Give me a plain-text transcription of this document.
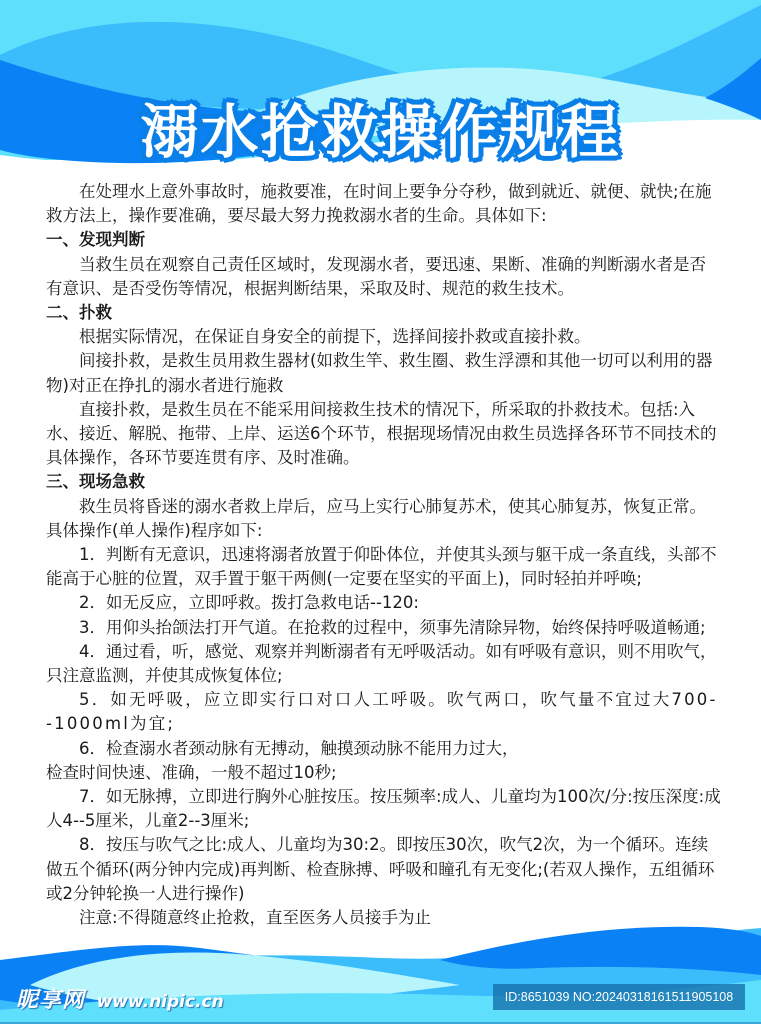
溺水抢救操作规程

在处理水上意外事故时，施救要准，在时间上要争分夺秒，做到就近、就便、就快;在施救方法上，操作要准确，要尽最大努力挽救溺水者的生命。具体如下:

一、发现判断

当救生员在观察自己责任区域时，发现溺水者，要迅速、果断、准确的判断溺水者是否有意识、是否受伤等情况，根据判断结果，采取及时、规范的救生技术。

二、扑救

根据实际情况，在保证自身安全的前提下，选择间接扑救或直接扑救。

间接扑救，是救生员用救生器材(如救生竿、救生圈、救生浮漂和其他一切可以利用的器物)对正在挣扎的溺水者进行施救

直接扑救，是救生员在不能采用间接救生技术的情况下，所采取的扑救技术。包括:入水、接近、解脱、拖带、上岸、运送6个环节，根据现场情况由救生员选择各环节不同技术的具体操作，各环节要连贯有序、及时准确。

三、现场急救

救生员将昏迷的溺水者救上岸后，应马上实行心肺复苏术，使其心肺复苏，恢复正常。具体操作(单人操作)程序如下:

1．判断有无意识，迅速将溺者放置于仰卧体位，并使其头颈与躯干成一条直线，头部不能高于心脏的位置，双手置于躯干两侧(一定要在坚实的平面上)，同时轻拍并呼唤;

2．如无反应，立即呼救。拨打急救电话--120:

3．用仰头抬颌法打开气道。在抢救的过程中，须事先清除异物，始终保持呼吸道畅通;

4．通过看，听，感觉、观察并判断溺者有无呼吸活动。如有呼吸有意识，则不用吹气，只注意监测，并使其成恢复体位;

5．如无呼吸，应立即实行口对口人工呼吸。吹气两口，吹气量不宜过大700--1000ml为宜;

6．检查溺水者颈动脉有无搏动，触摸颈动脉不能用力过大，

检查时间快速、准确，一般不超过10秒;

7．如无脉搏，立即进行胸外心脏按压。按压频率:成人、儿童均为100次/分:按压深度:成人4--5厘米，儿童2--3厘米;

8．按压与吹气之比:成人、儿童均为30:2。即按压30次，吹气2次，为一个循环。连续做五个循环(两分钟内完成)再判断、检查脉搏、呼吸和瞳孔有无变化;(若双人操作，五组循环或2分钟轮换一人进行操作)

注意:不得随意终止抢救，直至医务人员接手为止

昵享网 www.nipic.cn	ID:8651039 NO:20240318161511905108
